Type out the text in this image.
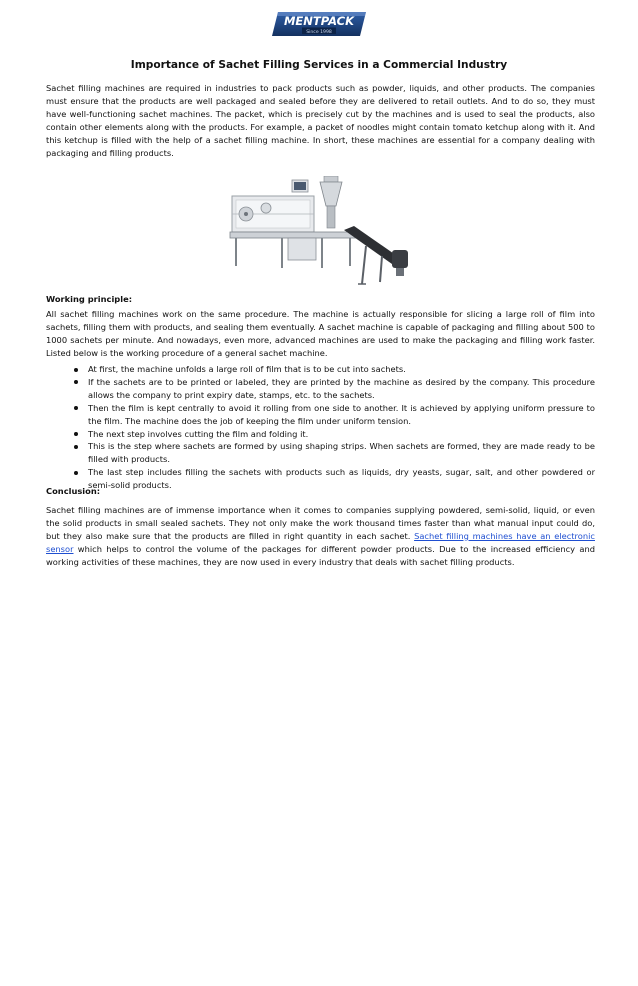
MENTPACK
Since 1998
Importance of Sachet Filling Services in a Commercial Industry

Sachet filling machines are required in industries to pack products such as powder, liquids, and other products. The companies must ensure that the products are well packaged and sealed before they are delivered to retail outlets. And to do so, they must have well-functioning sachet machines. The packet, which is precisely cut by the machines and is used to seal the products, also contain other elements along with the products. For example, a packet of noodles might contain tomato ketchup along with it. And this ketchup is filled with the help of a sachet filling machine. In short, these machines are essential for a company dealing with packaging and filling products.

Working principle:

All sachet filling machines work on the same procedure. The machine is actually responsible for slicing a large roll of film into sachets, filling them with products, and sealing them eventually. A sachet machine is capable of packaging and filling about 500 to 1000 sachets per minute. And nowadays, even more, advanced machines are used to make the packaging and filling work faster. Listed below is the working procedure of a general sachet machine.

At first, the machine unfolds a large roll of film that is to be cut into sachets.
If the sachets are to be printed or labeled, they are printed by the machine as desired by the company. This procedure allows the company to print expiry date, stamps, etc. to the sachets.
Then the film is kept centrally to avoid it rolling from one side to another. It is achieved by applying uniform pressure to the film. The machine does the job of keeping the film under uniform tension.
The next step involves cutting the film and folding it.
This is the step where sachets are formed by using shaping strips. When sachets are formed, they are made ready to be filled with products.
The last step includes filling the sachets with products such as liquids, dry yeasts, sugar, salt, and other powdered or semi-solid products.

Conclusion:

Sachet filling machines are of immense importance when it comes to companies supplying powdered, semi-solid, liquid, or even the solid products in small sealed sachets. They not only make the work thousand times faster than what manual input could do, but they also make sure that the products are filled in right quantity in each sachet. Sachet filling machines have an electronic sensor which helps to control the volume of the packages for different powder products. Due to the increased efficiency and working activities of these machines, they are now used in every industry that deals with sachet filling products.
